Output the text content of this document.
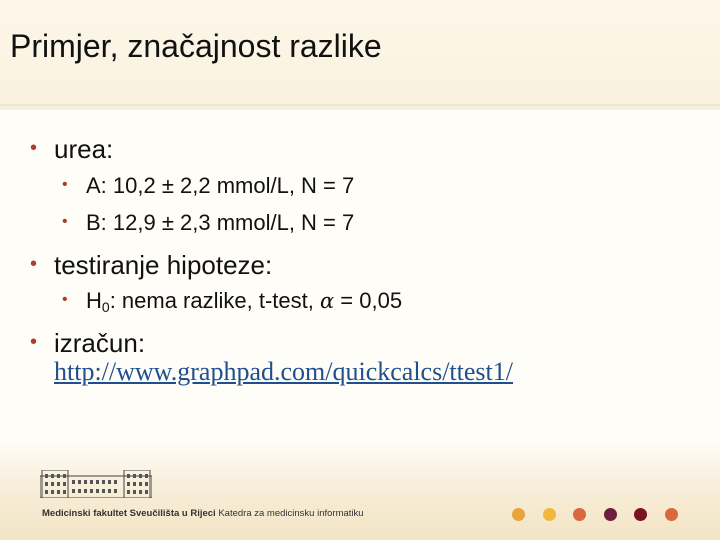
Primjer, značajnost razlike
• urea:
• A: 10,2 ± 2,2 mmol/L, N = 7
• B: 12,9 ± 2,3 mmol/L, N = 7
• testiranje hipoteze:
• $H_0$: nema razlike, t-test, α = 0,05
• izračun:
http://www.graphpad.com/quickcalcs/ttest1/
Medicinski fakultet Sveučilišta u Rijeci Katedra za medicinsku informatiku
